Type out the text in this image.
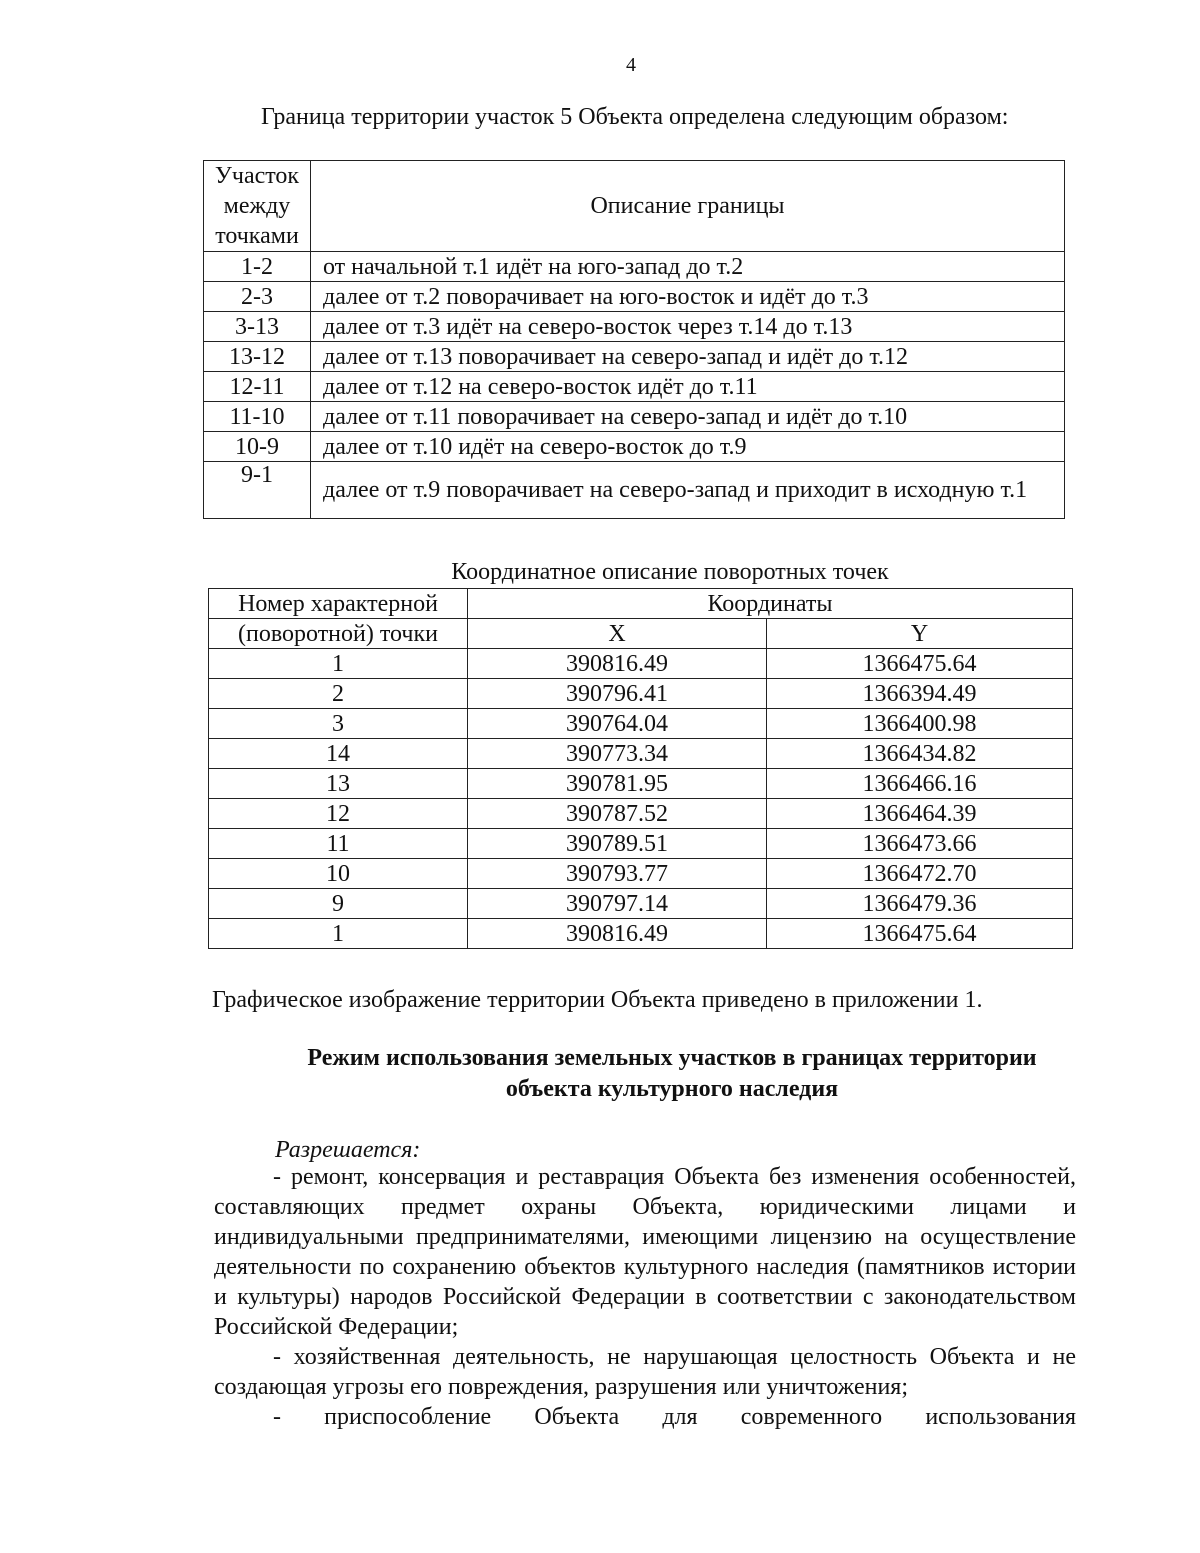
4

Граница территории участок 5 Объекта определена следующим образом:

Участок между точками	Описание границы
1-2	от начальной т.1 идёт на юго-запад до т.2
2-3	далее от т.2 поворачивает на юго-восток и идёт до т.3
3-13	далее от т.3 идёт на северо-восток через т.14 до т.13
13-12	далее от т.13 поворачивает на северо-запад и идёт до т.12
12-11	далее от т.12 на северо-восток идёт до т.11
11-10	далее от т.11 поворачивает на северо-запад и идёт до т.10
10-9	далее от т.10 идёт на северо-восток до т.9
9-1	далее от т.9 поворачивает на северо-запад и приходит в исходную т.1

Координатное описание поворотных точек

Номер характерной	Координаты	
(поворотной) точки	X	Y
1	390816.49	1366475.64
2	390796.41	1366394.49
3	390764.04	1366400.98
14	390773.34	1366434.82
13	390781.95	1366466.16
12	390787.52	1366464.39
11	390789.51	1366473.66
10	390793.77	1366472.70
9	390797.14	1366479.36
1	390816.49	1366475.64

Графическое изображение территории Объекта приведено в приложении 1.

Режим использования земельных участков в границах территории объекта культурного наследия

Разрешается:

- ремонт, консервация и реставрация Объекта без изменения особенностей, составляющих предмет охраны Объекта, юридическими лицами и индивидуальными предпринимателями, имеющими лицензию на осуществление деятельности по сохранению объектов культурного наследия (памятников истории и культуры) народов Российской Федерации в соответствии с законодательством Российской Федерации;

- хозяйственная деятельность, не нарушающая целостность Объекта и не создающая угрозы его повреждения, разрушения или уничтожения;

- приспособление Объекта для современного использования
